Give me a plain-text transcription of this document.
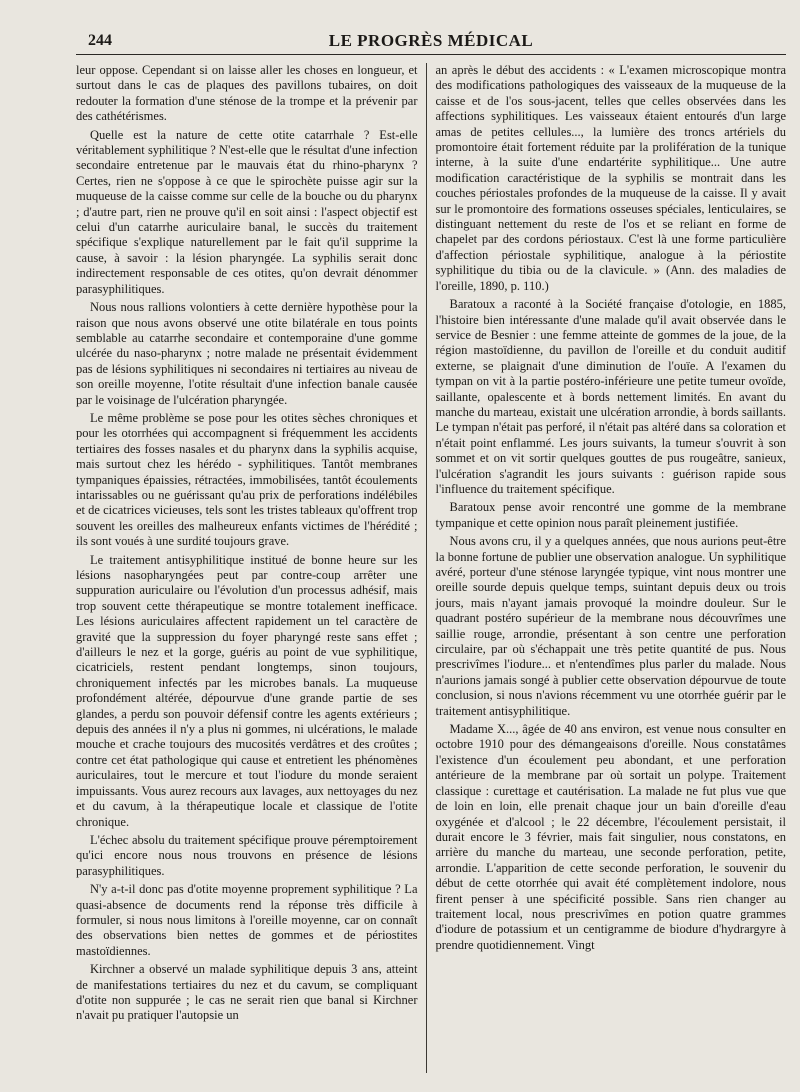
244	LE PROGRÈS MÉDICAL

leur oppose. Cependant si on laisse aller les choses en longueur, et surtout dans le cas de plaques des pavillons tubaires, on doit redouter la formation d'une sténose de la trompe et la prévenir par des cathétérismes.

Quelle est la nature de cette otite catarrhale ? Est-elle véritablement syphilitique ? N'est-elle que le résultat d'une infection secondaire entretenue par le mauvais état du rhino-pharynx ? Certes, rien ne s'oppose à ce que le spirochète puisse agir sur la muqueuse de la caisse comme sur celle de la bouche ou du pharynx ; d'autre part, rien ne prouve qu'il en soit ainsi : l'aspect objectif est celui d'un catarrhe auriculaire banal, le succès du traitement spécifique s'explique naturellement par le fait qu'il supprime la cause, à savoir : la lésion pharyngée. La syphilis serait donc indirectement responsable de ces otites, qu'on devrait dénommer parasyphilitiques.

Nous nous rallions volontiers à cette dernière hypothèse pour la raison que nous avons observé une otite bilatérale en tous points semblable au catarrhe secondaire et contemporaine d'une gomme ulcérée du naso-pharynx ; notre malade ne présentait évidemment pas de lésions syphilitiques ni secondaires ni tertiaires au niveau de son oreille moyenne, l'otite résultait d'une infection banale causée par le voisinage de l'ulcération pharyngée.

Le même problème se pose pour les otites sèches chroniques et pour les otorrhées qui accompagnent si fréquemment les accidents tertiaires des fosses nasales et du pharynx dans la syphilis acquise, mais surtout chez les hérédo - syphilitiques. Tantôt membranes tympaniques épaissies, rétractées, immobilisées, tantôt écoulements intarissables ou ne guérissant qu'au prix de perforations indélébiles et de cicatrices vicieuses, tels sont les tristes tableaux qu'offrent trop souvent les oreilles des malheureux enfants victimes de l'hérédité ; ils sont voués à une surdité toujours grave.

Le traitement antisyphilitique institué de bonne heure sur les lésions nasopharyngées peut par contre-coup arrêter une suppuration auriculaire ou l'évolution d'un processus adhésif, mais trop souvent cette thérapeutique se montre totalement inefficace. Les lésions auriculaires affectent rapidement un tel caractère de gravité que la suppression du foyer pharyngé reste sans effet ; d'ailleurs le nez et la gorge, guéris au point de vue syphilitique, cicatriciels, restent pendant longtemps, sinon toujours, chroniquement infectés par les microbes banals. La muqueuse profondément altérée, dépourvue d'une grande partie de ses glandes, a perdu son pouvoir défensif contre les agents extérieurs ; depuis des années il n'y a plus ni gommes, ni ulcérations, le malade mouche et crache toujours des mucosités verdâtres et des croûtes ; contre cet état pathologique qui cause et entretient les phénomènes auriculaires, tout le mercure et tout l'iodure du monde seraient impuissants. Vous aurez recours aux lavages, aux nettoyages du nez et du cavum, à la thérapeutique locale et classique de l'otite chronique.

L'échec absolu du traitement spécifique prouve péremptoirement qu'ici encore nous nous trouvons en présence de lésions parasyphilitiques.

N'y a-t-il donc pas d'otite moyenne proprement syphilitique ? La quasi-absence de documents rend la réponse très difficile à formuler, si nous nous limitons à l'oreille moyenne, car on connaît des observations bien nettes de gommes et de périostites mastoïdiennes.

Kirchner a observé un malade syphilitique depuis 3 ans, atteint de manifestations tertiaires du nez et du cavum, se compliquant d'otite non suppurée ; le cas ne serait rien que banal si Kirchner n'avait pu pratiquer l'autopsie un

an après le début des accidents : « L'examen microscopique montra des modifications pathologiques des vaisseaux de la muqueuse de la caisse et de l'os sous-jacent, telles que celles observées dans les affections syphilitiques. Les vaisseaux étaient entourés d'un large amas de petites cellules..., la lumière des troncs artériels du promontoire était fortement réduite par la prolifération de la tunique interne, à la suite d'une endartérite syphilitique... Une autre modification caractéristique de la syphilis se montrait dans les couches périostales profondes de la muqueuse de la caisse. Il y avait sur le promontoire des formations osseuses spéciales, lenticulaires, se distinguant nettement du reste de l'os et se reliant en forme de chapelet par des cordons périostaux. C'est là une forme particulière d'affection périostale syphilitique, analogue à la périostite syphilitique du tibia ou de la clavicule. » (Ann. des maladies de l'oreille, 1890, p. 110.)

Baratoux a raconté à la Société française d'otologie, en 1885, l'histoire bien intéressante d'une malade qu'il avait observée dans le service de Besnier : une femme atteinte de gommes de la joue, de la région mastoïdienne, du pavillon de l'oreille et du conduit auditif externe, se plaignait d'une diminution de l'ouïe. A l'examen du tympan on vit à la partie postéro-inférieure une petite tumeur ovoïde, saillante, opalescente et à bords nettement limités. En avant du manche du marteau, existait une ulcération arrondie, à bords saillants. Le tympan n'était pas perforé, il n'était pas altéré dans sa coloration et n'était point enflammé. Les jours suivants, la tumeur s'ouvrit à son sommet et on vit sortir quelques gouttes de pus rougeâtre, sanieux, l'ulcération s'agrandit les jours suivants : guérison rapide sous l'influence du traitement spécifique.

Baratoux pense avoir rencontré une gomme de la membrane tympanique et cette opinion nous paraît pleinement justifiée.

Nous avons cru, il y a quelques années, que nous aurions peut-être la bonne fortune de publier une observation analogue. Un syphilitique avéré, porteur d'une sténose laryngée typique, vint nous montrer une oreille sourde depuis quelque temps, suintant depuis deux ou trois jours, mais n'ayant jamais provoqué la moindre douleur. Sur le quadrant postéro supérieur de la membrane nous découvrîmes une saillie rouge, arrondie, présentant à son centre une perforation circulaire, par où s'échappait une très petite quantité de pus. Nous prescrivîmes l'iodure... et n'entendîmes plus parler du malade. Nous n'aurions jamais songé à publier cette observation dépourvue de toute conclusion, si nous n'avions récemment vu une otorrhée guérir par le traitement antisyphilitique.

Madame X..., âgée de 40 ans environ, est venue nous consulter en octobre 1910 pour des démangeaisons d'oreille. Nous constatâmes l'existence d'un écoulement peu abondant, et une perforation antérieure de la membrane par où sortait un polype. Traitement classique : curettage et cautérisation. La malade ne fut plus vue que de loin en loin, elle prenait chaque jour un bain d'oreille d'eau oxygénée et d'alcool ; le 22 décembre, l'écoulement persistait, il durait encore le 3 février, mais fait singulier, nous constatons, en arrière du manche du marteau, une seconde perforation, petite, arrondie. L'apparition de cette seconde perforation, le souvenir du début de cette otorrhée qui avait été complètement indolore, nous firent penser à une spécificité possible. Sans rien changer au traitement local, nous prescrivîmes en potion quatre grammes d'iodure de potassium et un centigramme de biodure d'hydrargyre à prendre quotidiennement. Vingt
